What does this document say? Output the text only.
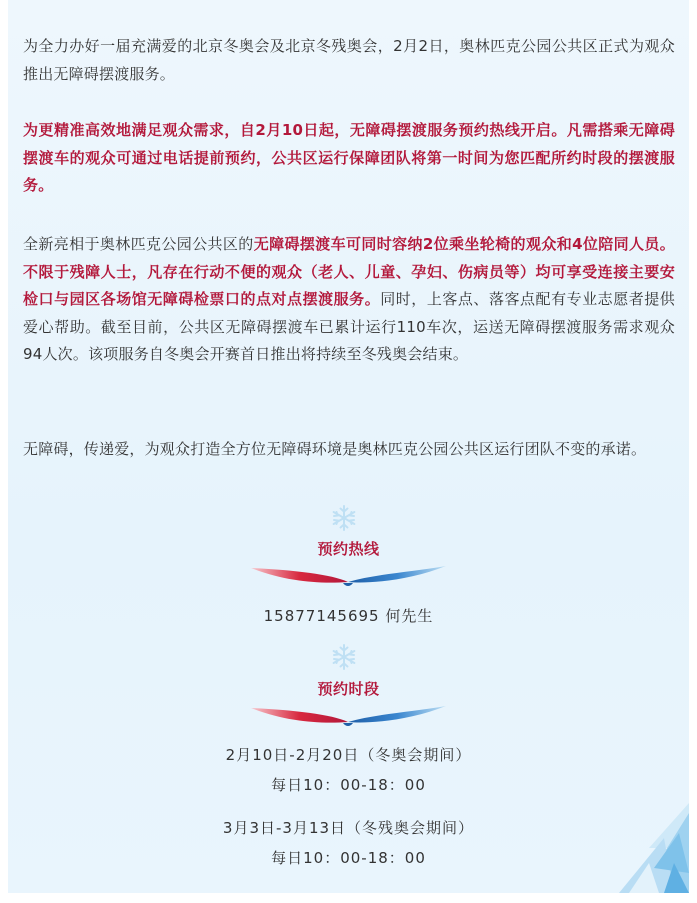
为全力办好一届充满爱的北京冬奥会及北京冬残奥会，2月2日，奥林匹克公园公共区正式为观众推出无障碍摆渡服务。
为更精准高效地满足观众需求，自2月10日起，无障碍摆渡服务预约热线开启。凡需搭乘无障碍摆渡车的观众可通过电话提前预约，公共区运行保障团队将第一时间为您匹配所约时段的摆渡服务。
全新亮相于奥林匹克公园公共区的无障碍摆渡车可同时容纳2位乘坐轮椅的观众和4位陪同人员。不限于残障人士，凡存在行动不便的观众（老人、儿童、孕妇、伤病员等）均可享受连接主要安检口与园区各场馆无障碍检票口的点对点摆渡服务。同时，上客点、落客点配有专业志愿者提供爱心帮助。截至目前，公共区无障碍摆渡车已累计运行110车次，运送无障碍摆渡服务需求观众94人次。该项服务自冬奥会开赛首日推出将持续至冬残奥会结束。
无障碍，传递爱，为观众打造全方位无障碍环境是奥林匹克公园公共区运行团队不变的承诺。
预约热线
15877145695 何先生
预约时段
2月10日-2月20日（冬奥会期间）
每日10：00-18：00
3月3日-3月13日（冬残奥会期间）
每日10：00-18：00
